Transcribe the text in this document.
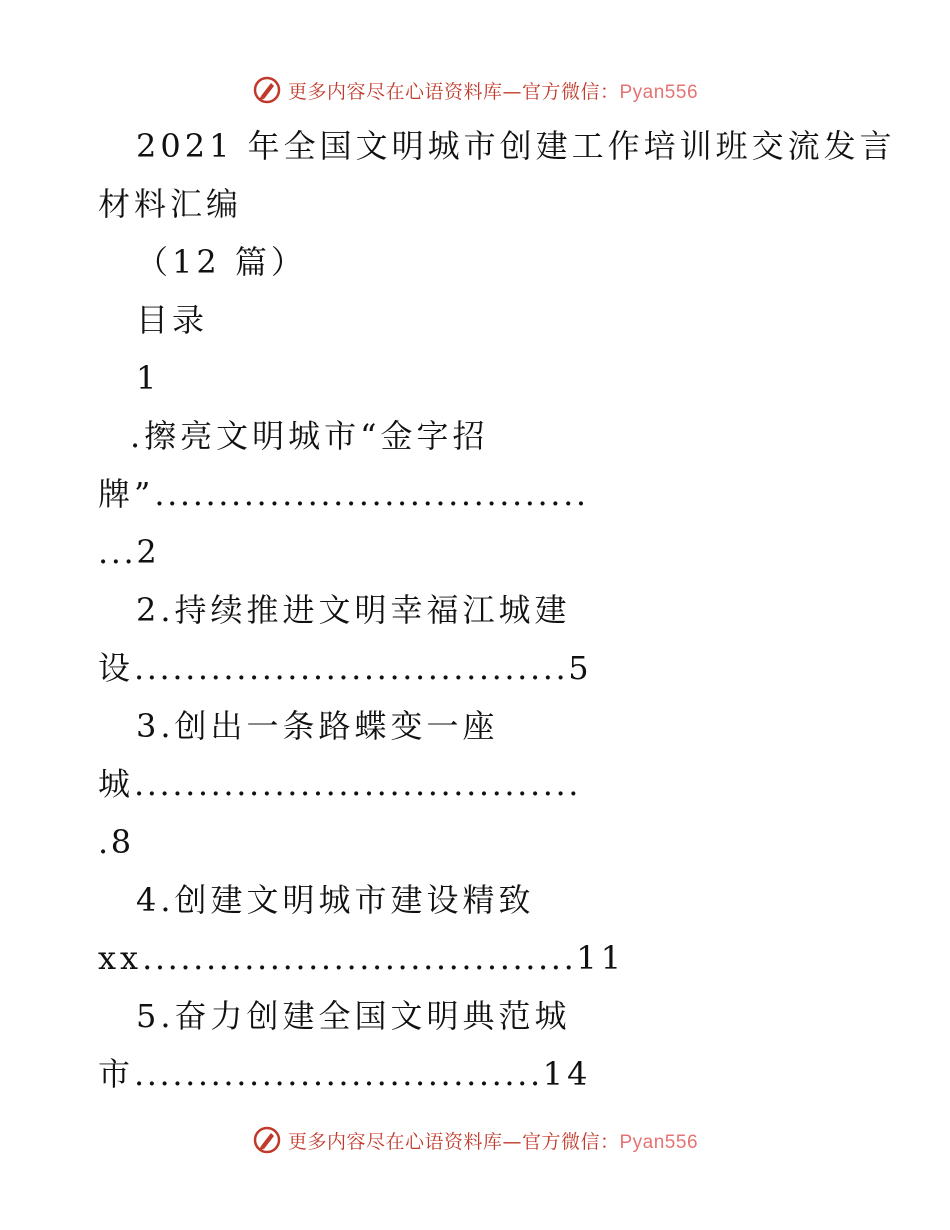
更多内容尽在心语资料库—官方微信：Pyan556
2021 年全国文明城市创建工作培训班交流发言
材料汇编
（12 篇）
目录
1
.擦亮文明城市“金字招
牌”..................................
...2
2.持续推进文明幸福江城建
设..................................5
3.创出一条路蝶变一座
城...................................
.8
4.创建文明城市建设精致
xx..................................11
5.奋力创建全国文明典范城
市................................14
更多内容尽在心语资料库—官方微信：Pyan556
